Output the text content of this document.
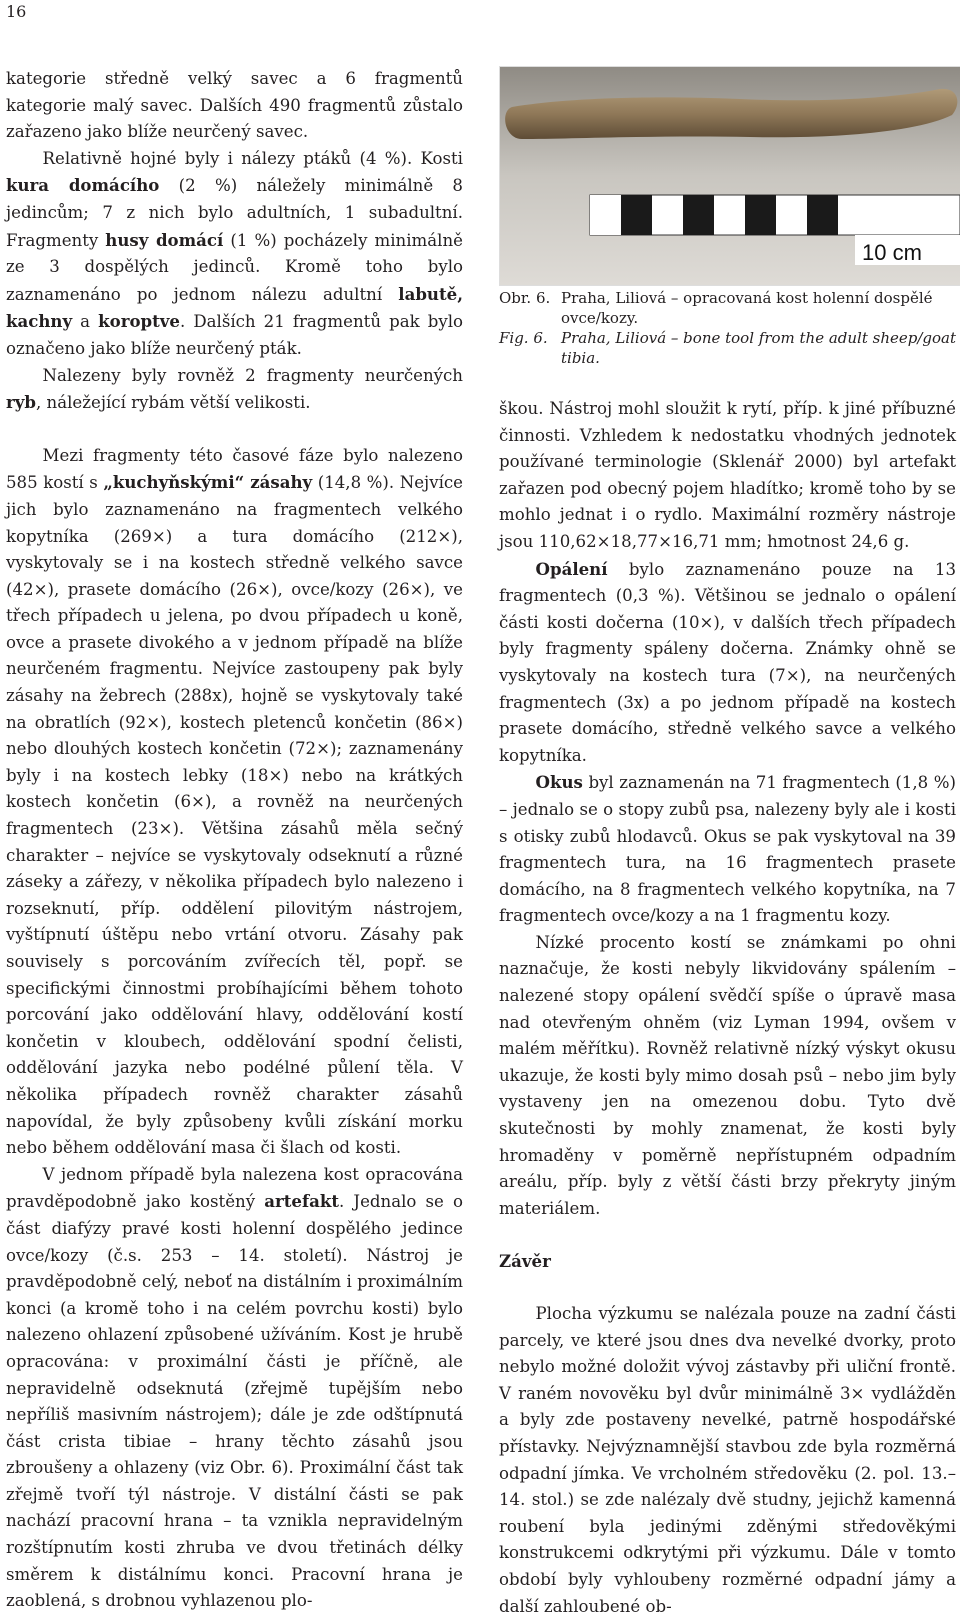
16

kategorie středně velký savec a 6 fragmentů kategorie malý savec. Dalších 490 fragmentů zůstalo zařazeno jako blíže neurčený savec.

Relativně hojné byly i nálezy ptáků (4 %). Kosti kura domácího (2 %) náležely minimálně 8 jedincům; 7 z nich bylo adultních, 1 subadultní. Fragmenty husy domácí (1 %) pocházely minimálně ze 3 dospělých jedinců. Kromě toho bylo zaznamenáno po jednom nálezu adultní labutě, kachny a koroptve. Dalších 21 fragmentů pak bylo označeno jako blíže neurčený pták.

Nalezeny byly rovněž 2 fragmenty neurčených ryb, náležející rybám větší velikosti.

Mezi fragmenty této časové fáze bylo nalezeno 585 kostí s „kuchyňskými“ zásahy (14,8 %). Nejvíce jich bylo zaznamenáno na fragmentech velkého kopytníka (269×) a tura domácího (212×), vyskytovaly se i na kostech středně velkého savce (42×), prasete domácího (26×), ovce/kozy (26×), ve třech případech u jelena, po dvou případech u koně, ovce a prasete divokého a v jednom případě na blíže neurčeném fragmentu. Nejvíce zastoupeny pak byly zásahy na žebrech (288x), hojně se vyskytovaly také na obratlích (92×), kostech pletenců končetin (86×) nebo dlouhých kostech končetin (72×); zaznamenány byly i na kostech lebky (18×) nebo na krátkých kostech končetin (6×), a rovněž na neurčených fragmentech (23×). Většina zásahů měla sečný charakter – nejvíce se vyskytovaly odseknutí a různé záseky a zářezy, v několika případech bylo nalezeno i rozseknutí, příp. oddělení pilovitým nástrojem, vyštípnutí úštěpu nebo vrtání otvoru. Zásahy pak souvisely s porcováním zvířecích těl, popř. se specifickými činnostmi probíhajícími během tohoto porcování jako oddělování hlavy, oddělování kostí končetin v kloubech, oddělování spodní čelisti, oddělování jazyka nebo podélné půlení těla. V několika případech rovněž charakter zásahů napovídal, že byly způsobeny kvůli získání morku nebo během oddělování masa či šlach od kosti.

V jednom případě byla nalezena kost opracována pravděpodobně jako kostěný artefakt. Jednalo se o část diafýzy pravé kosti holenní dospělého jedince ovce/kozy (č.s. 253 – 14. století). Nástroj je pravděpodobně celý, neboť na distálním i proximálním konci (a kromě toho i na celém povrchu kosti) bylo nalezeno ohlazení způsobené užíváním. Kost je hrubě opracována: v proximální části je příčně, ale nepravidelně odseknutá (zřejmě tupějším nebo nepříliš masivním nástrojem); dále je zde odštípnutá část crista tibiae – hrany těchto zásahů jsou zbroušeny a ohlazeny (viz Obr. 6). Proximální část tak zřejmě tvoří týl nástroje. V distální části se pak nachází pracovní hrana – ta vznikla nepravidelným rozštípnutím kosti zhruba ve dvou třetinách délky směrem k distálnímu konci. Pracovní hrana je zaoblená, s drobnou vyhlazenou plo-

10 cm
Obr. 6. Praha, Liliová – opracovaná kost holenní dospělé ovce/kozy.
Fig. 6. Praha, Liliová – bone tool from the adult sheep/goat tibia.

škou. Nástroj mohl sloužit k rytí, příp. k jiné příbuzné činnosti. Vzhledem k nedostatku vhodných jednotek používané terminologie (Sklenář 2000) byl artefakt zařazen pod obecný pojem hladítko; kromě toho by se mohlo jednat i o rydlo. Maximální rozměry nástroje jsou 110,62×18,77×16,71 mm; hmotnost 24,6 g.

Opálení bylo zaznamenáno pouze na 13 fragmentech (0,3 %). Většinou se jednalo o opálení části kosti dočerna (10×), v dalších třech případech byly fragmenty spáleny dočerna. Známky ohně se vyskytovaly na kostech tura (7×), na neurčených fragmentech (3x) a po jednom případě na kostech prasete domácího, středně velkého savce a velkého kopytníka.

Okus byl zaznamenán na 71 fragmentech (1,8 %) – jednalo se o stopy zubů psa, nalezeny byly ale i kosti s otisky zubů hlodavců. Okus se pak vyskytoval na 39 fragmentech tura, na 16 fragmentech prasete domácího, na 8 fragmentech velkého kopytníka, na 7 fragmentech ovce/kozy a na 1 fragmentu kozy.

Nízké procento kostí se známkami po ohni naznačuje, že kosti nebyly likvidovány spálením – nalezené stopy opálení svědčí spíše o úpravě masa nad otevřeným ohněm (viz Lyman 1994, ovšem v malém měřítku). Rovněž relativně nízký výskyt okusu ukazuje, že kosti byly mimo dosah psů – nebo jim byly vystaveny jen na omezenou dobu. Tyto dvě skutečnosti by mohly znamenat, že kosti byly hromaděny v poměrně nepřístupném odpadním areálu, příp. byly z větší části brzy překryty jiným materiálem.

Závěr

Plocha výzkumu se nalézala pouze na zadní části parcely, ve které jsou dnes dva nevelké dvorky, proto nebylo možné doložit vývoj zástavby při uliční frontě. V raném novověku byl dvůr minimálně 3× vydlážděn a byly zde postaveny nevelké, patrně hospodářské přístavky. Nejvýznamnější stavbou zde byla rozměrná odpadní jímka. Ve vrcholném středověku (2. pol. 13.–14. stol.) se zde nalézaly dvě studny, jejichž kamenná roubení byla jedinými zděnými středověkými konstrukcemi odkrytými při výzkumu. Dále v tomto období byly vyhloubeny rozměrné odpadní jámy a další zahloubené ob-
